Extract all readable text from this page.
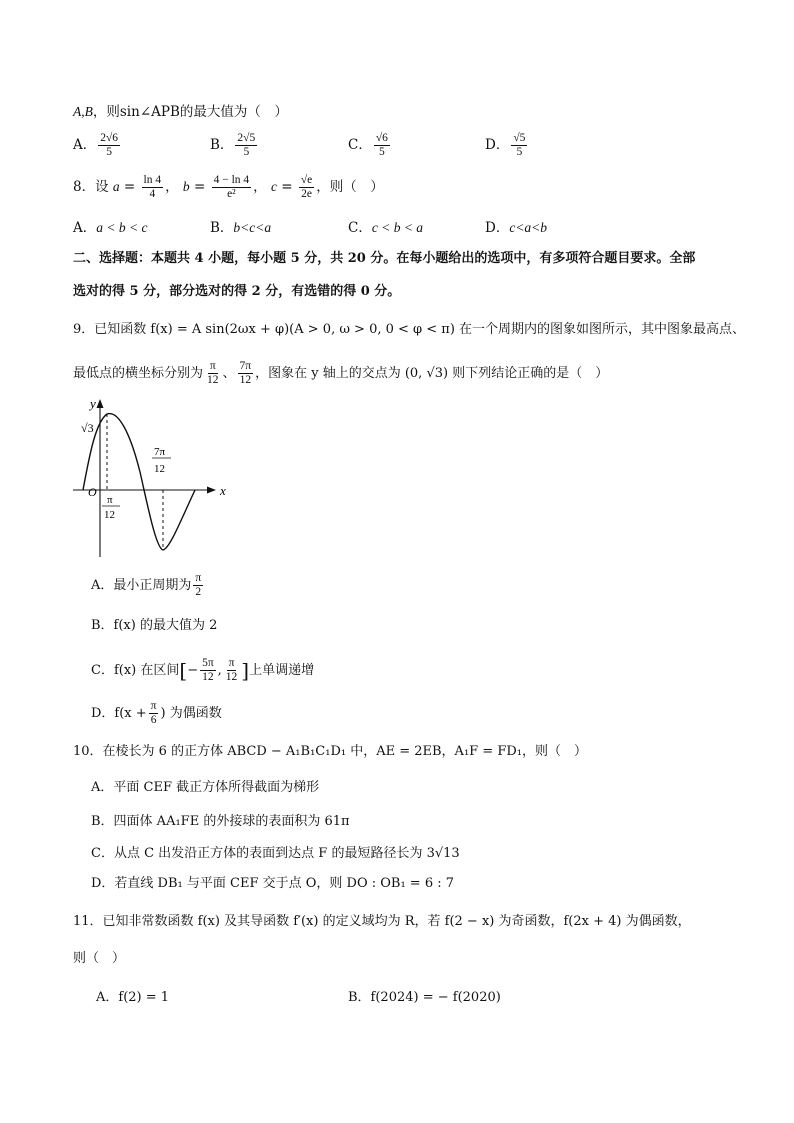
A,B，则sin∠APB的最大值为（　）
A． $\frac{2√6}{5}$	B． $\frac{2√5}{5}$	C． $\frac{√6}{5}$	D． $\frac{√5}{5}$
8．设 $a = \frac{\ln 4}{4}$ ， $b = \frac{4 - \ln 4}{\text{e²}}$ ， $c = \frac{√e}{2e}$ ，则（　）
A．a < b < c	B．b<c<a	C．c < b < a	D．c<a<b
二、选择题：本题共 4 小题，每小题 5 分，共 20 分。在每小题给出的选项中，有多项符合题目要求。全部
选对的得 5 分，部分选对的得 2 分，有选错的得 0 分。
9．已知函数 f(x) = A sin(2ωx + φ)(A > 0, ω > 0, 0 < φ < π) 在一个周期内的图象如图所示，其中图象最高点、
最低点的横坐标分别为 $\frac{\pi}{12}$ 、 $\frac{7\pi}{12}$ ，图象在 y 轴上的交点为 (0, √3) 则下列结论正确的是（　）
y
x
O
√3
π
12
7π
12
A．最小正周期为 $\frac{\pi}{2}$
B．f(x) 的最大值为 2
C．f(x) 在区间[− $\frac{5\pi}{12}$ , $\frac{\pi}{12}$ ]上单调递增
D．$f(x + \frac{\pi}{6}$ ) 为偶函数
10．在棱长为 6 的正方体 ABCD − A₁B₁C₁D₁ 中，AE = 2EB，A₁F = FD₁，则（　）
A．平面 CEF 截正方体所得截面为梯形
B．四面体 AA₁FE 的外接球的表面积为 61π
C．从点 C 出发沿正方体的表面到达点 F 的最短路径长为 3√13
D．若直线 DB₁ 与平面 CEF 交于点 O，则 DO : OB₁ = 6 : 7
11．已知非常数函数 f(x) 及其导函数 f′(x) 的定义域均为 R，若 f(2 − x) 为奇函数，f(2x + 4) 为偶函数，
则（　）
A．f(2) = 1	B．f(2024) = − f(2020)
